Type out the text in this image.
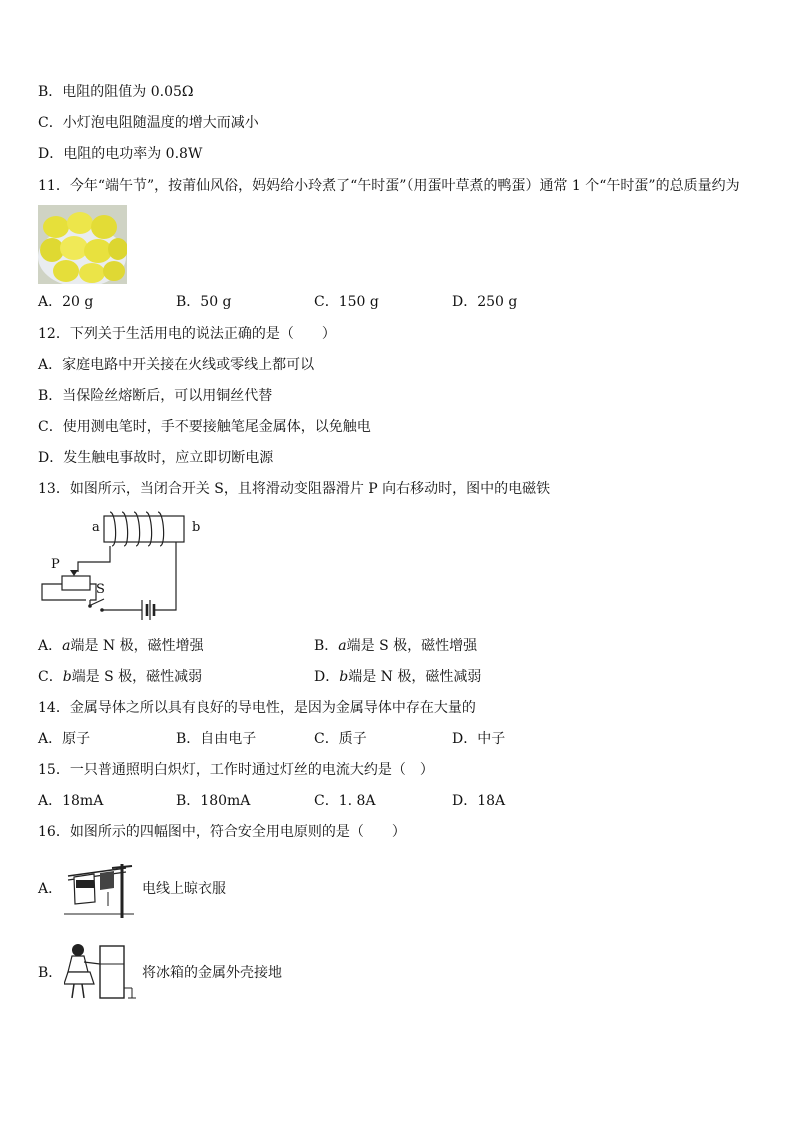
B．电阻的阻值为 0.05Ω
C．小灯泡电阻随温度的增大而减小
D．电阻的电功率为 0.8W
11．今年“端午节”，按莆仙风俗，妈妈给小玲煮了“午时蛋”（用蛋叶草煮的鸭蛋）通常 1 个“午时蛋”的总质量约为
A．20 g	B．50 g	C．150 g	D．250 g
12．下列关于生活用电的说法正确的是（　　）
A．家庭电路中开关接在火线或零线上都可以
B．当保险丝熔断后，可以用铜丝代替
C．使用测电笔时，手不要接触笔尾金属体，以免触电
D．发生触电事故时，应立即切断电源
13．如图所示，当闭合开关 S，且将滑动变阻器滑片 P 向右移动时，图中的电磁铁
a	b
P
S
A．a端是 N 极，磁性增强	B．a端是 S 极，磁性增强
C．b端是 S 极，磁性减弱	D．b端是 N 极，磁性减弱
14．金属导体之所以具有良好的导电性，是因为金属导体中存在大量的
A．原子	B．自由电子	C．质子	D．中子
15．一只普通照明白炽灯，工作时通过灯丝的电流大约是（　）
A．18mA	B．180mA	C．1. 8A	D．18A
16．如图所示的四幅图中，符合安全用电原则的是（　　）
A．	电线上晾衣服
B．	将冰箱的金属外壳接地
